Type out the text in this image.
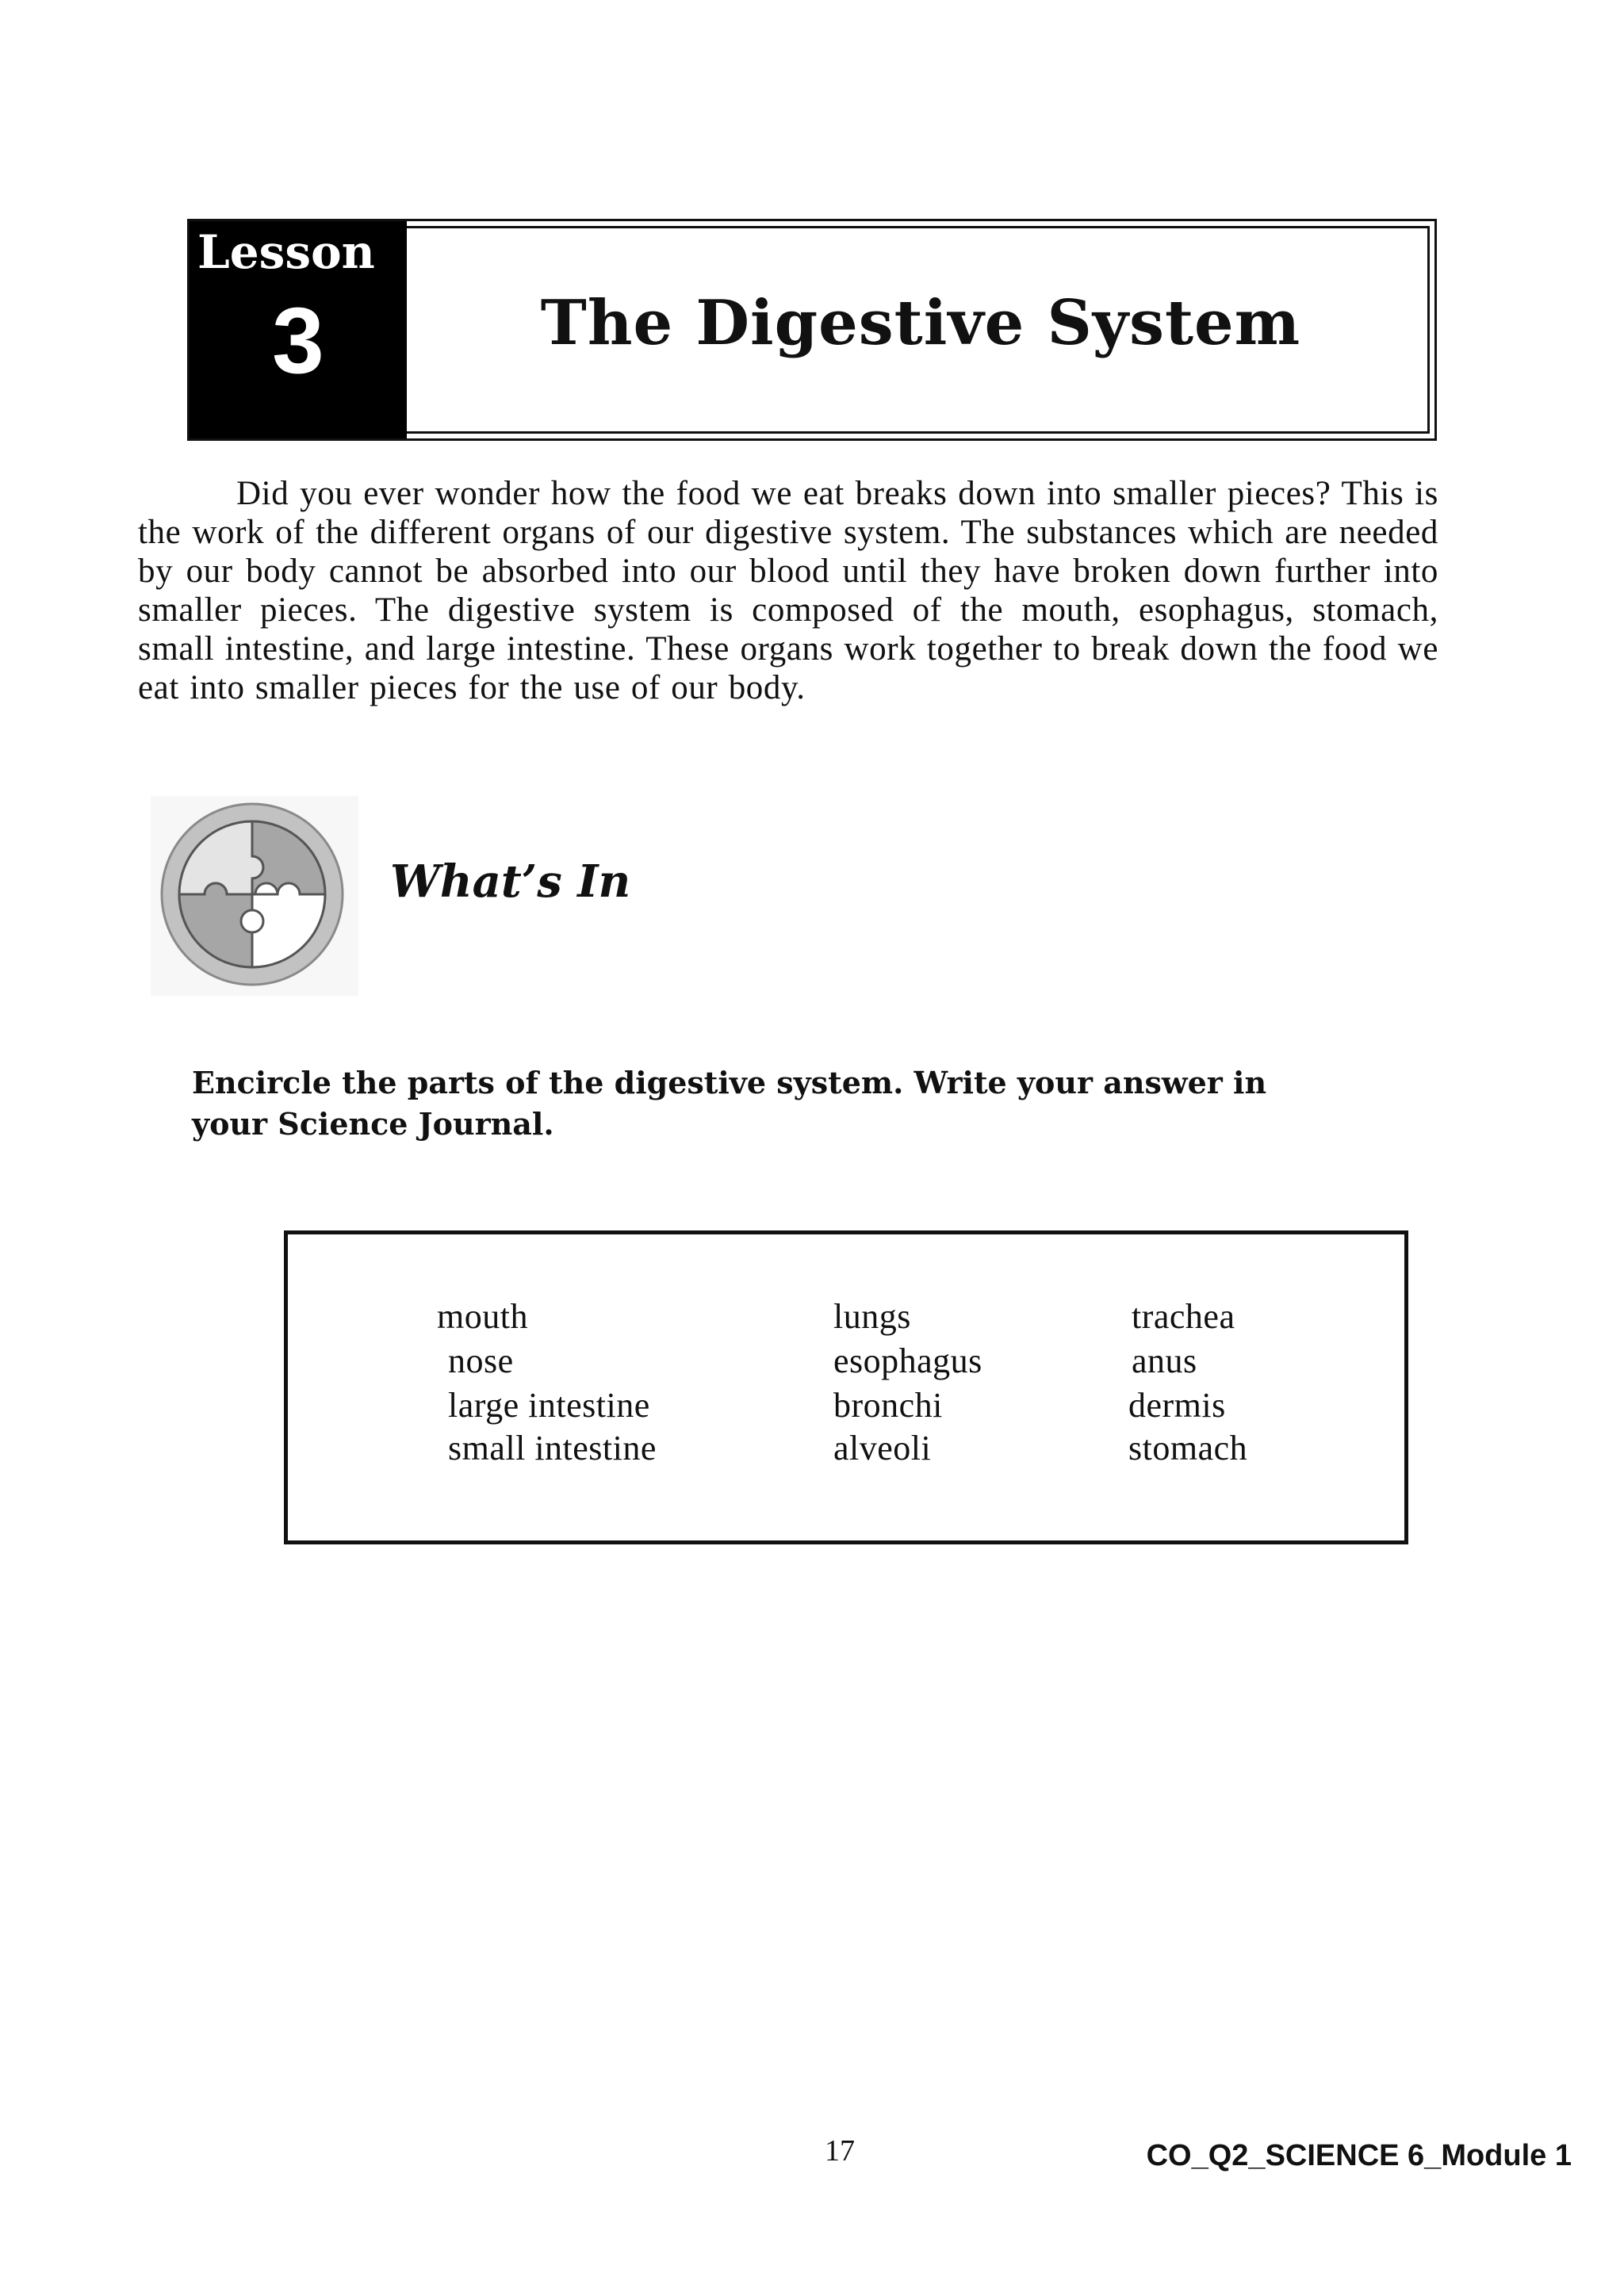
Lesson
3	The Digestive System

Did you ever wonder how the food we eat breaks down into smaller pieces? This is the work of the different organs of our digestive system. The substances which are needed by our body cannot be absorbed into our blood until they have broken down further into smaller pieces. The digestive system is composed of the mouth, esophagus, stomach, small intestine, and large intestine. These organs work together to break down the food we eat into smaller pieces for the use of our body.

What’s In

Encircle the parts of the digestive system. Write your answer in your Science Journal.

mouth
nose
large intestine
small intestine
lungs
esophagus
bronchi
alveoli
trachea
anus
dermis
stomach
17	CO_Q2_SCIENCE 6_Module 1
